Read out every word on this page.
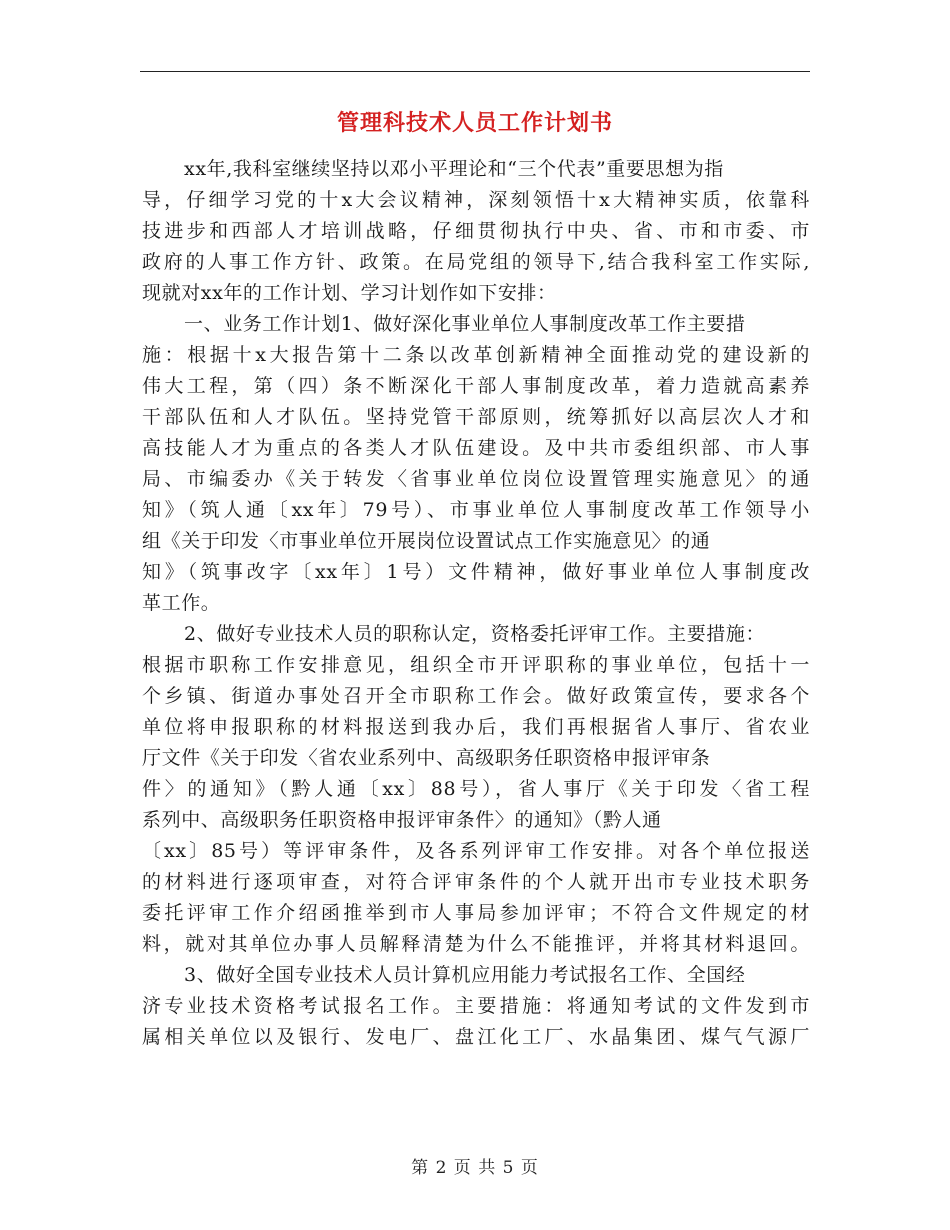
管理科技术人员工作计划书
xx年,我科室继续坚持以邓小平理论和“三个代表”重要思想为指
导，仔细学习党的十x大会议精神，深刻领悟十x大精神实质，依靠科
技进步和西部人才培训战略，仔细贯彻执行中央、省、市和市委、市
政府的人事工作方针、政策。在局党组的领导下,结合我科室工作实际,
现就对xx年的工作计划、学习计划作如下安排：
一、业务工作计划1、做好深化事业单位人事制度改革工作主要措
施：根据十x大报告第十二条以改革创新精神全面推动党的建设新的
伟大工程，第（四）条不断深化干部人事制度改革，着力造就高素养
干部队伍和人才队伍。坚持党管干部原则，统筹抓好以高层次人才和
高技能人才为重点的各类人才队伍建设。及中共市委组织部、市人事
局、市编委办《关于转发〈省事业单位岗位设置管理实施意见〉的通
知》（筑人通〔xx年〕79号）、市事业单位人事制度改革工作领导小
组《关于印发〈市事业单位开展岗位设置试点工作实施意见〉的通
知》（筑事改字〔xx年〕1号）文件精神，做好事业单位人事制度改
革工作。
2、做好专业技术人员的职称认定，资格委托评审工作。主要措施：
根据市职称工作安排意见，组织全市开评职称的事业单位，包括十一
个乡镇、街道办事处召开全市职称工作会。做好政策宣传，要求各个
单位将申报职称的材料报送到我办后，我们再根据省人事厅、省农业
厅文件《关于印发〈省农业系列中、高级职务任职资格申报评审条
件〉的通知》（黔人通〔xx〕88号），省人事厅《关于印发〈省工程
系列中、高级职务任职资格申报评审条件〉的通知》（黔人通
〔xx〕85号）等评审条件，及各系列评审工作安排。对各个单位报送
的材料进行逐项审查，对符合评审条件的个人就开出市专业技术职务
委托评审工作介绍函推举到市人事局参加评审；不符合文件规定的材
料，就对其单位办事人员解释清楚为什么不能推评，并将其材料退回。
3、做好全国专业技术人员计算机应用能力考试报名工作、全国经
济专业技术资格考试报名工作。主要措施：将通知考试的文件发到市
属相关单位以及银行、发电厂、盘江化工厂、水晶集团、煤气气源厂
第 2 页 共 5 页
